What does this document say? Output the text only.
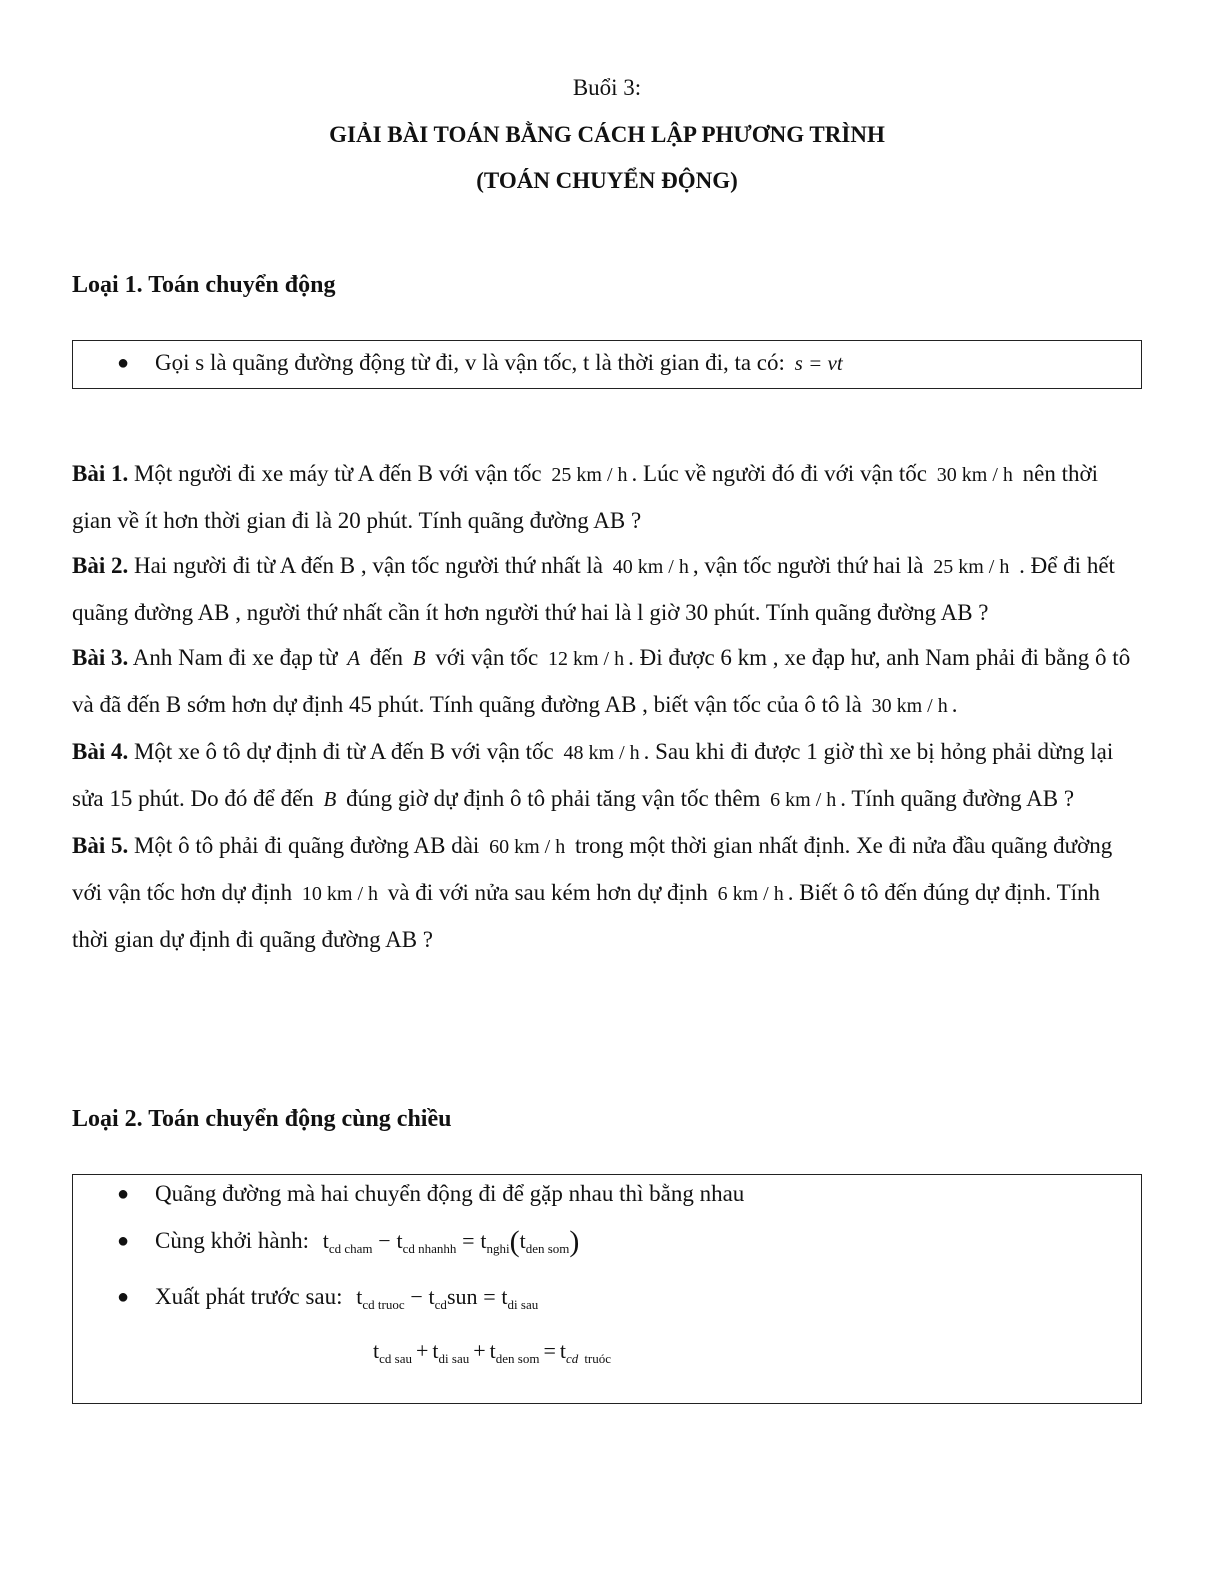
Buổi 3:
GIẢI BÀI TOÁN BẰNG CÁCH LẬP PHƯƠNG TRÌNH
(TOÁN CHUYỂN ĐỘNG)
Loại 1. Toán chuyển động
● Gọi s là quãng đường động từ đi, v là vận tốc, t là thời gian đi, ta có: s = vt

Bài 1. Một người đi xe máy từ A đến B với vận tốc 25 km / h . Lúc về người đó đi với vận tốc 30 km / h nên thời gian về ít hơn thời gian đi là 20 phút. Tính quãng đường AB ?

Bài 2. Hai người đi từ A đến B , vận tốc người thứ nhất là 40 km / h , vận tốc người thứ hai là 25 km / h . Để đi hết quãng đường AB , người thứ nhất cần ít hơn người thứ hai là l giờ 30 phút. Tính quãng đường AB ?

Bài 3. Anh Nam đi xe đạp từ A đến B với vận tốc 12 km / h . Đi được 6 km , xe đạp hư, anh Nam phải đi bằng ô tô và đã đến B sớm hơn dự định 45 phút. Tính quãng đường AB , biết vận tốc của ô tô là 30 km / h .

Bài 4. Một xe ô tô dự định đi từ A đến B với vận tốc 48 km / h . Sau khi đi được 1 giờ thì xe bị hỏng phải dừng lại sửa 15 phút. Do đó để đến B đúng giờ dự định ô tô phải tăng vận tốc thêm 6 km / h . Tính quãng đường AB ?

Bài 5. Một ô tô phải đi quãng đường AB dài 60 km / h trong một thời gian nhất định. Xe đi nửa đầu quãng đường với vận tốc hơn dự định 10 km / h và đi với nửa sau kém hơn dự định 6 km / h . Biết ô tô đến đúng dự định. Tính thời gian dự định đi quãng đường AB ?

Loại 2. Toán chuyển động cùng chiều
● Quãng đường mà hai chuyển động đi để gặp nhau thì bằng nhau
● Cùng khởi hành: $t_{cd cham} - t_{cd nhanhh} = t_{nghi}(t_{den som})$
● Xuất phát trước sau: $t_{cd truoc} - t_{cd}sun = t_{di sau}$
$t_{cd sau} + t_{di sau} + t_{den som} = t_{cd}$ $_{truóc}$
